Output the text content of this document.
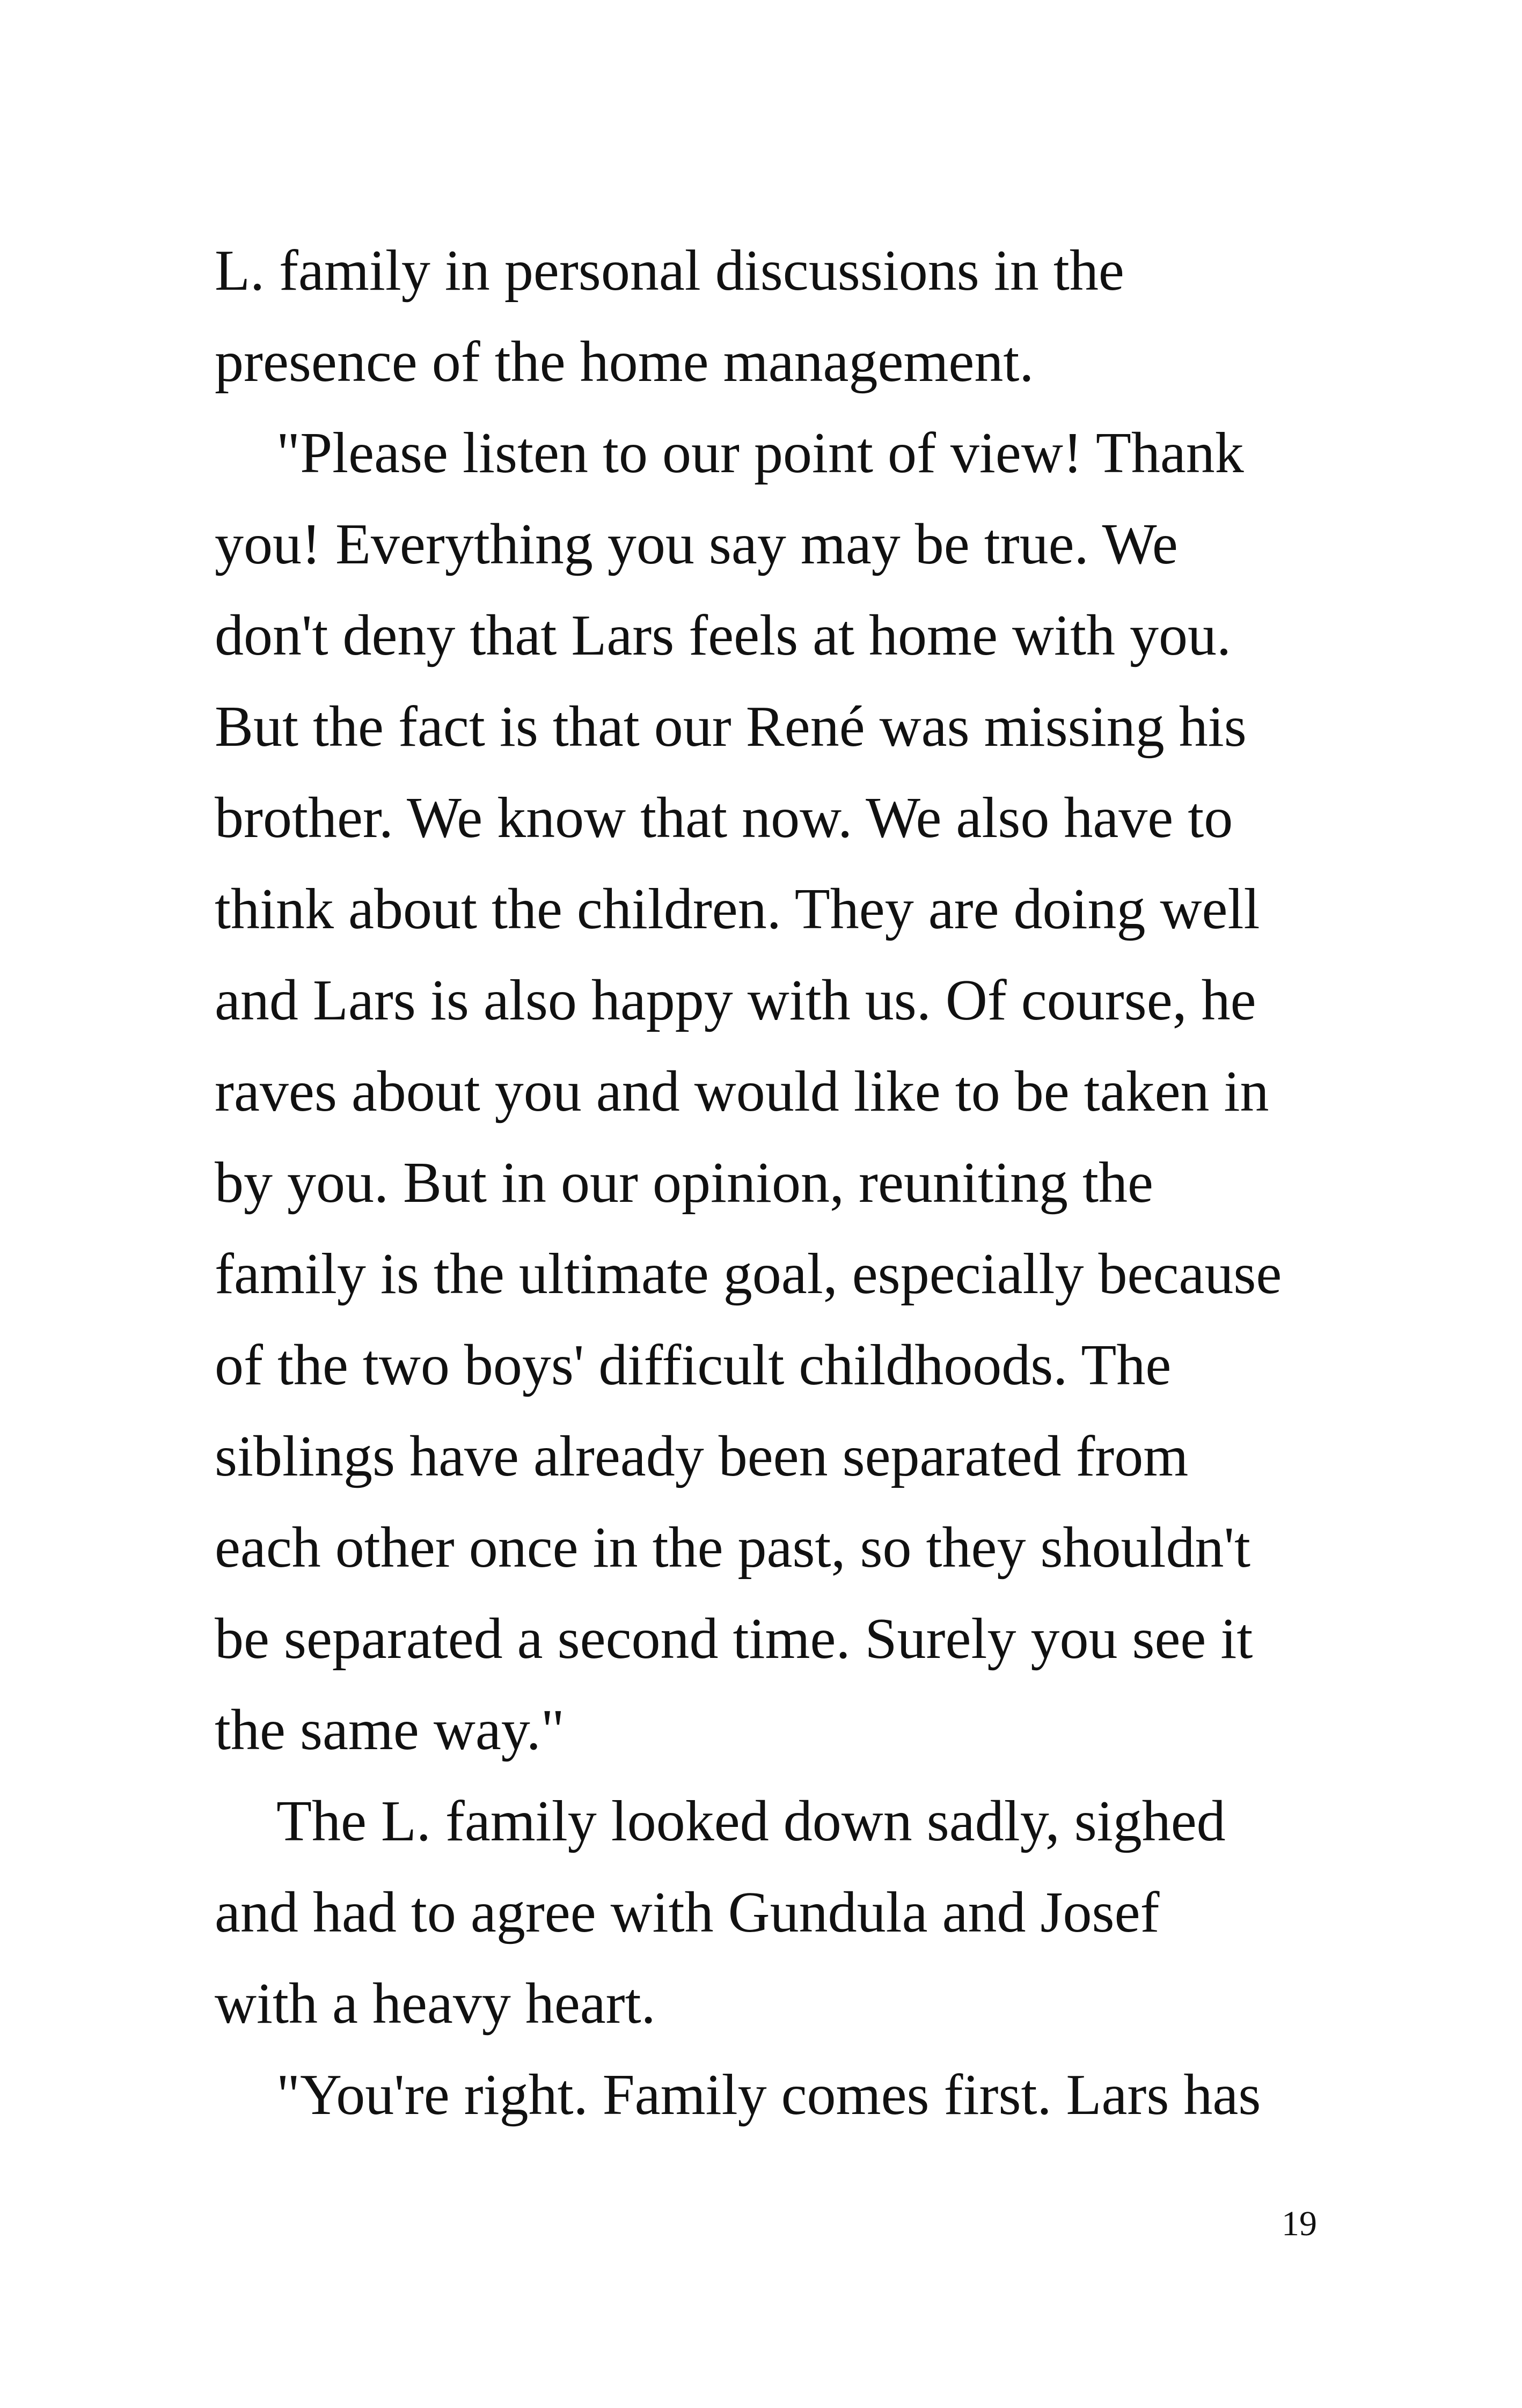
L. family in personal discussions in the
presence of the home management.
"Please listen to our point of view! Thank
you! Everything you say may be true. We
don't deny that Lars feels at home with you.
But the fact is that our René was missing his
brother. We know that now. We also have to
think about the children. They are doing well
and Lars is also happy with us. Of course, he
raves about you and would like to be taken in
by you. But in our opinion, reuniting the
family is the ultimate goal, especially because
of the two boys' difficult childhoods. The
siblings have already been separated from
each other once in the past, so they shouldn't
be separated a second time. Surely you see it
the same way."
The L. family looked down sadly, sighed
and had to agree with Gundula and Josef
with a heavy heart.
"You're right. Family comes first. Lars has
19
